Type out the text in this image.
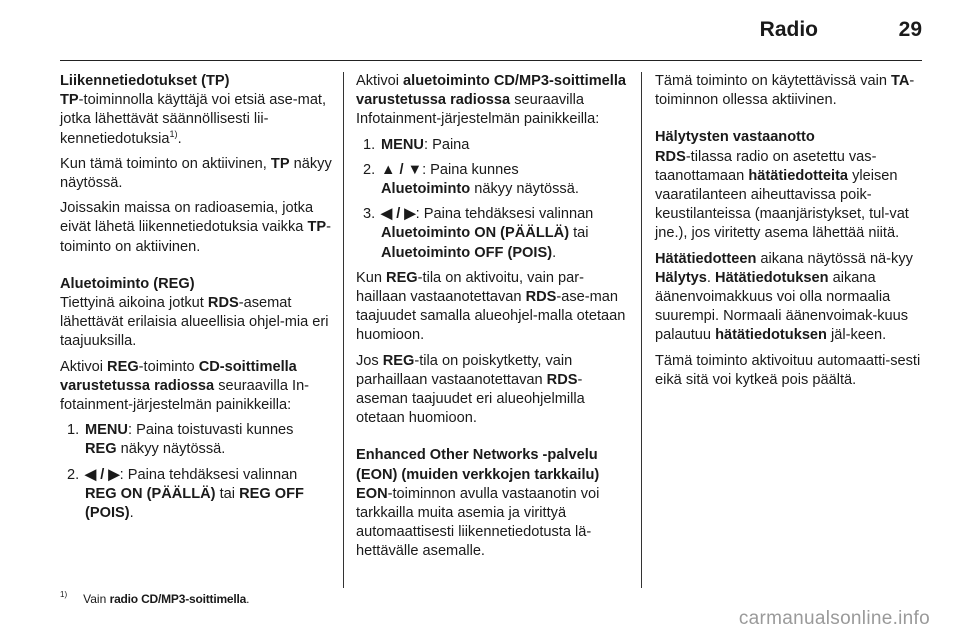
Radio	29
Liikennetiedotukset (TP)

TP-toiminnolla käyttäjä voi etsiä ase-mat, jotka lähettävät säännöllisesti lii-kennetiedotuksia$^{1)}$.

Kun tämä toiminto on aktiivinen, TP näkyy näytössä.

Joissakin maissa on radioasemia, jotka eivät lähetä liikennetiedotuksia vaikka TP-toiminto on aktiivinen.

Aluetoiminto (REG)

Tiettyinä aikoina jotkut RDS-asemat lähettävät erilaisia alueellisia ohjel-mia eri taajuuksilla.

Aktivoi REG-toiminto CD-soittimella varustetussa radiossa seuraavilla In-fotainment-järjestelmän painikkeilla:

1. MENU: Paina toistuvasti kunnes
REG näkyy näytössä.
2. ◀ / ▶: Paina tehdäksesi valinnan
REG ON (PÄÄLLÄ) tai REG OFF (POIS).

Aktivoi aluetoiminto CD/MP3-soittimella varustetussa radiossa seuraavilla Infotainment-järjestelmän painikkeilla:

1. MENU: Paina
2. ▲ / ▼: Paina kunnes
Aluetoiminto näkyy näytössä.
3. ◀ / ▶: Paina tehdäksesi valinnan
Aluetoiminto ON (PÄÄLLÄ) tai
Aluetoiminto OFF (POIS).

Kun REG-tila on aktivoitu, vain par-haillaan vastaanotettavan RDS-ase-man taajuudet samalla alueohjel-malla otetaan huomioon.

Jos REG-tila on poiskytketty, vain parhaillaan vastaanotettavan RDS-aseman taajuudet eri alueohjelmilla otetaan huomioon.

Enhanced Other Networks -palvelu (EON) (muiden verkkojen tarkkailu)

EON-toiminnon avulla vastaanotin voi tarkkailla muita asemia ja virittyä automaattisesti liikennetiedotusta lä-hettävälle asemalle.

Tämä toiminto on käytettävissä vain TA-toiminnon ollessa aktiivinen.

Hälytysten vastaanotto

RDS-tilassa radio on asetettu vas-taanottamaan hätätiedotteita yleisen vaaratilanteen aiheuttavissa poik-keustilanteissa (maanjäristykset, tul-vat jne.), jos viritetty asema lähettää niitä.

Hätätiedotteen aikana näytössä nä-kyy Hälytys. Hätätiedotuksen aikana äänenvoimakkuus voi olla normaalia suurempi. Normaali äänenvoimak-kuus palautuu hätätiedotuksen jäl-keen.

Tämä toiminto aktivoituu automaatti-sesti eikä sitä voi kytkeä pois päältä.

$^{1)}$ Vain radio CD/MP3-soittimella.
carmanualsonline.info
